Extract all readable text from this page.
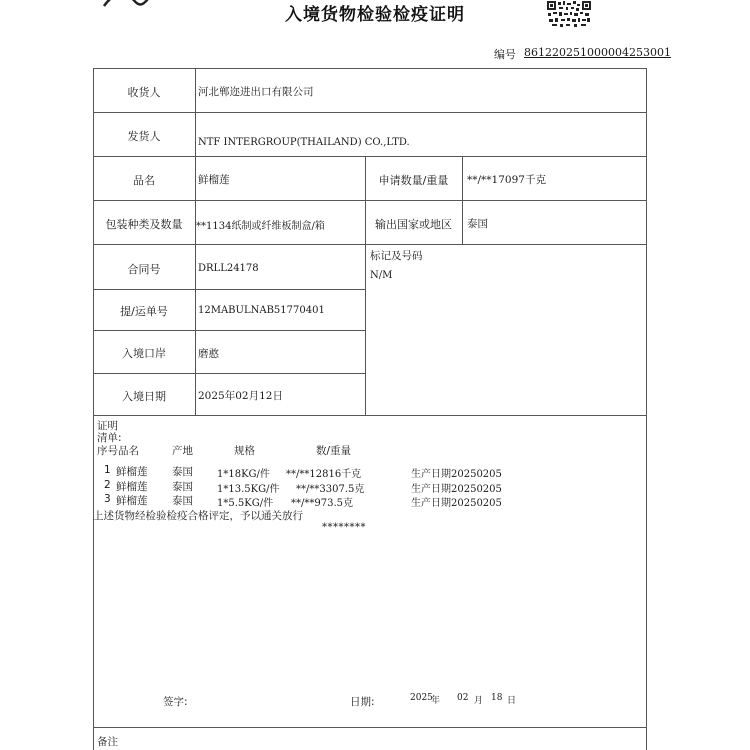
入境货物检验检疫证明
编号 861220251000004253001
收货人	河北郸迩进出口有限公司
发货人	NTF INTERGROUP(THAILAND) CO.,LTD.
品名	鲜榴莲	申请数量/重量	**/**17097千克
包装种类及数量	**1134纸制或纤维板制盒/箱	输出国家或地区	泰国
合同号	DRLL24178
标记及号码
N/M
提/运单号	12MABULNAB51770401
入境口岸	磨憨
入境日期	2025年02月12日
证明
清单:
序号品名	产地	规格	数/重量
1 鲜榴莲 泰国 1*18KG/件 **/**12816千克	生产日期20250205
2 鲜榴莲 泰国 1*13.5KG/件 **/**3307.5克	生产日期20250205
3 鲜榴莲 泰国 1*5.5KG/件 **/**973.5克	生产日期20250205
上述货物经检验检疫合格评定，予以通关放行
********
签字:	日期:	2025
年 02 月 18 日
备注
